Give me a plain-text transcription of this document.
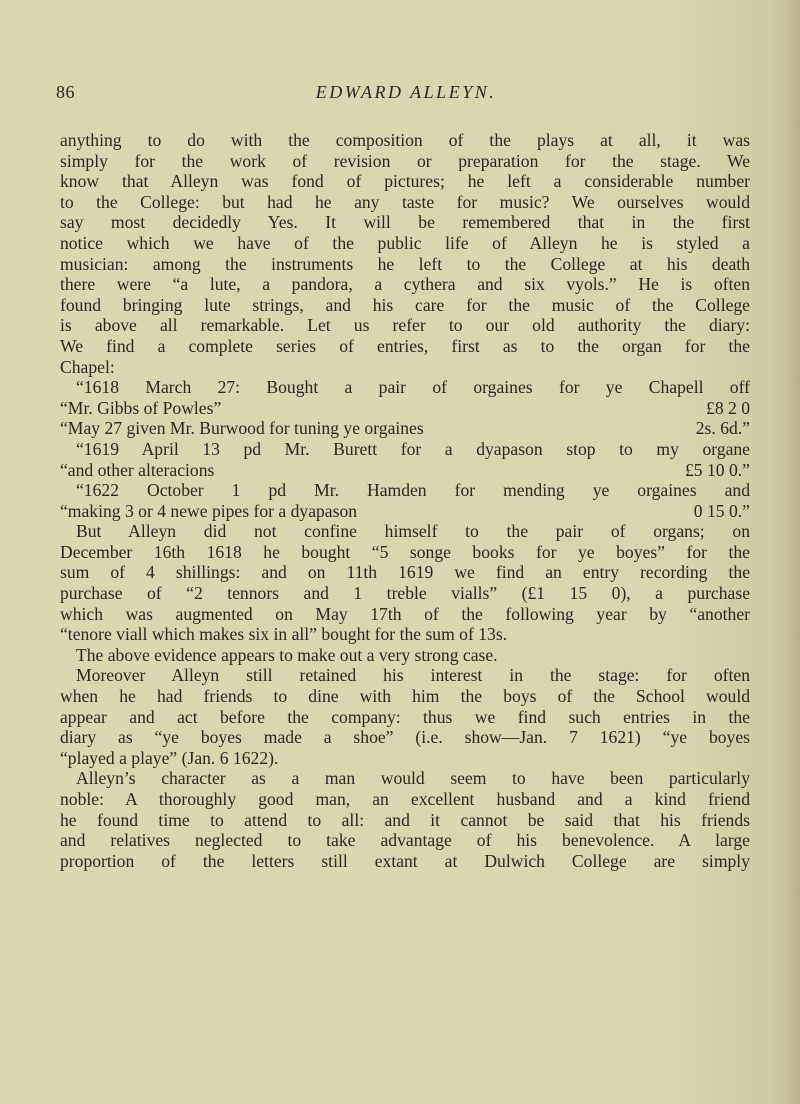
86	EDWARD ALLEYN.
anything to do with the composition of the plays at all, it was
simply for the work of revision or preparation for the stage. We
know that Alleyn was fond of pictures; he left a considerable number
to the College: but had he any taste for music? We ourselves would
say most decidedly Yes. It will be remembered that in the first
notice which we have of the public life of Alleyn he is styled a
musician: among the instruments he left to the College at his death
there were “a lute, a pandora, a cythera and six vyols.” He is often
found bringing lute strings, and his care for the music of the College
is above all remarkable. Let us refer to our old authority the diary:
We find a complete series of entries, first as to the organ for the
Chapel:
“1618 March 27: Bought a pair of orgaines for ye Chapell off
“Mr. Gibbs of Powles”	£8 2 0
“May 27 given Mr. Burwood for tuning ye orgaines	2s. 6d.”
“1619 April 13 pd Mr. Burett for a dyapason stop to my organe
“and other alteracions	£5 10 0.”
“1622 October 1 pd Mr. Hamden for mending ye orgaines and
“making 3 or 4 newe pipes for a dyapason	0 15 0.”
But Alleyn did not confine himself to the pair of organs; on
December 16th 1618 he bought “5 songe books for ye boyes” for the
sum of 4 shillings: and on 11th 1619 we find an entry recording the
purchase of “2 tennors and 1 treble vialls” (£1 15 0), a purchase
which was augmented on May 17th of the following year by “another
“tenore viall which makes six in all” bought for the sum of 13s.
The above evidence appears to make out a very strong case.
Moreover Alleyn still retained his interest in the stage: for often
when he had friends to dine with him the boys of the School would
appear and act before the company: thus we find such entries in the
diary as “ye boyes made a shoe” (i.e. show—Jan. 7 1621) “ye boyes
“played a playe” (Jan. 6 1622).
Alleyn’s character as a man would seem to have been particularly
noble: A thoroughly good man, an excellent husband and a kind friend
he found time to attend to all: and it cannot be said that his friends
and relatives neglected to take advantage of his benevolence. A large
proportion of the letters still extant at Dulwich College are simply
